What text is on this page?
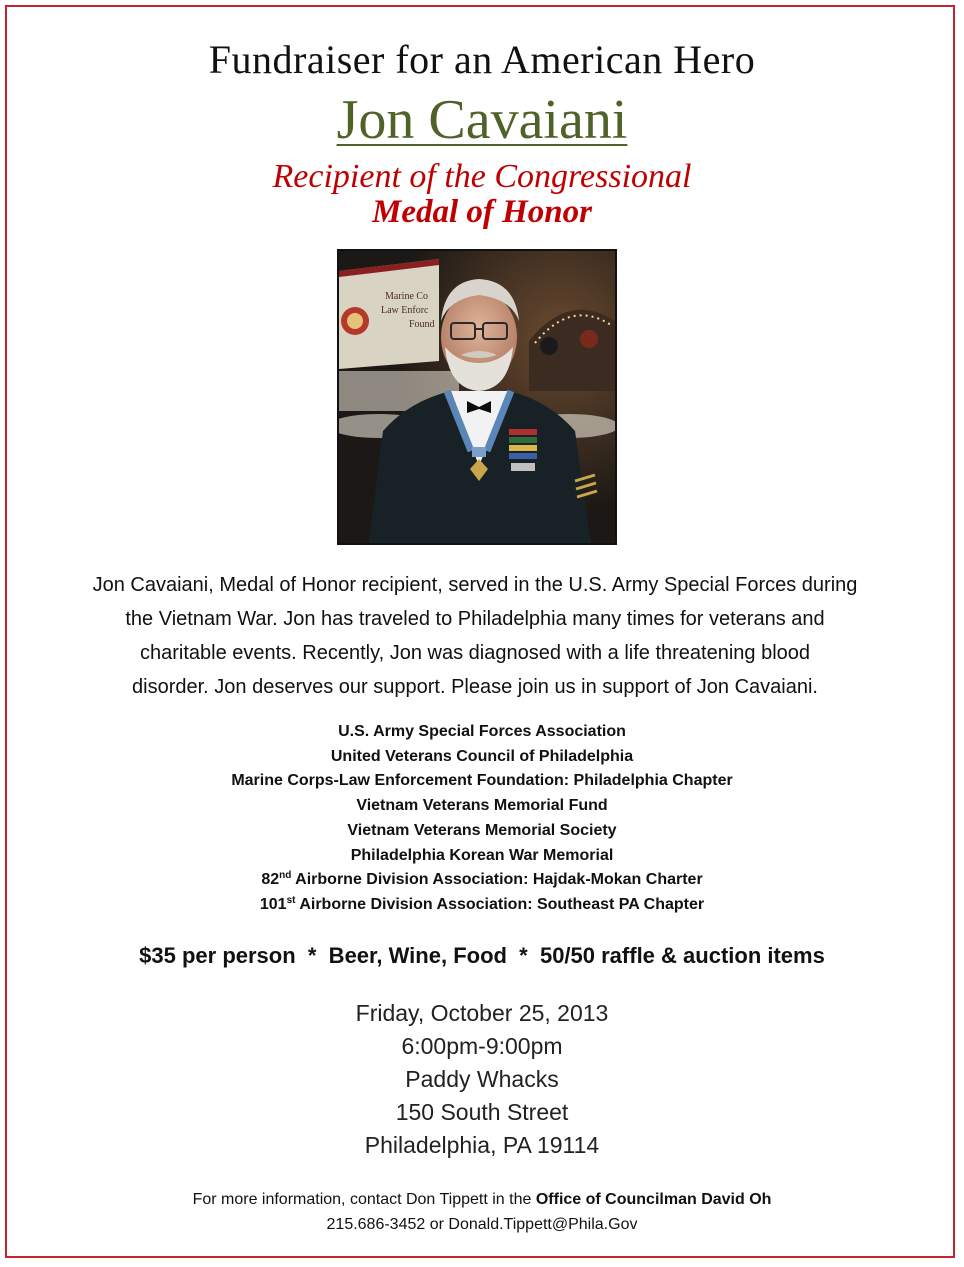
Fundraiser for an American Hero
Jon Cavaiani
Recipient of the Congressional
Medal of Honor
Marine Co
Law Enforc
Found
Jon Cavaiani, Medal of Honor recipient, served in the U.S. Army Special Forces during
the Vietnam War. Jon has traveled to Philadelphia many times for veterans and
charitable events. Recently, Jon was diagnosed with a life threatening blood
disorder. Jon deserves our support. Please join us in support of Jon Cavaiani.
U.S. Army Special Forces Association
United Veterans Council of Philadelphia
Marine Corps-Law Enforcement Foundation: Philadelphia Chapter
Vietnam Veterans Memorial Fund
Vietnam Veterans Memorial Society
Philadelphia Korean War Memorial
82nd Airborne Division Association: Hajdak-Mokan Charter
101st Airborne Division Association: Southeast PA Chapter
$35 per person  *  Beer, Wine, Food  *  50/50 raffle & auction items
Friday, October 25, 2013
6:00pm-9:00pm
Paddy Whacks
150 South Street
Philadelphia, PA 19114
For more information, contact Don Tippett in the Office of Councilman David Oh
215.686-3452 or Donald.Tippett@Phila.Gov
